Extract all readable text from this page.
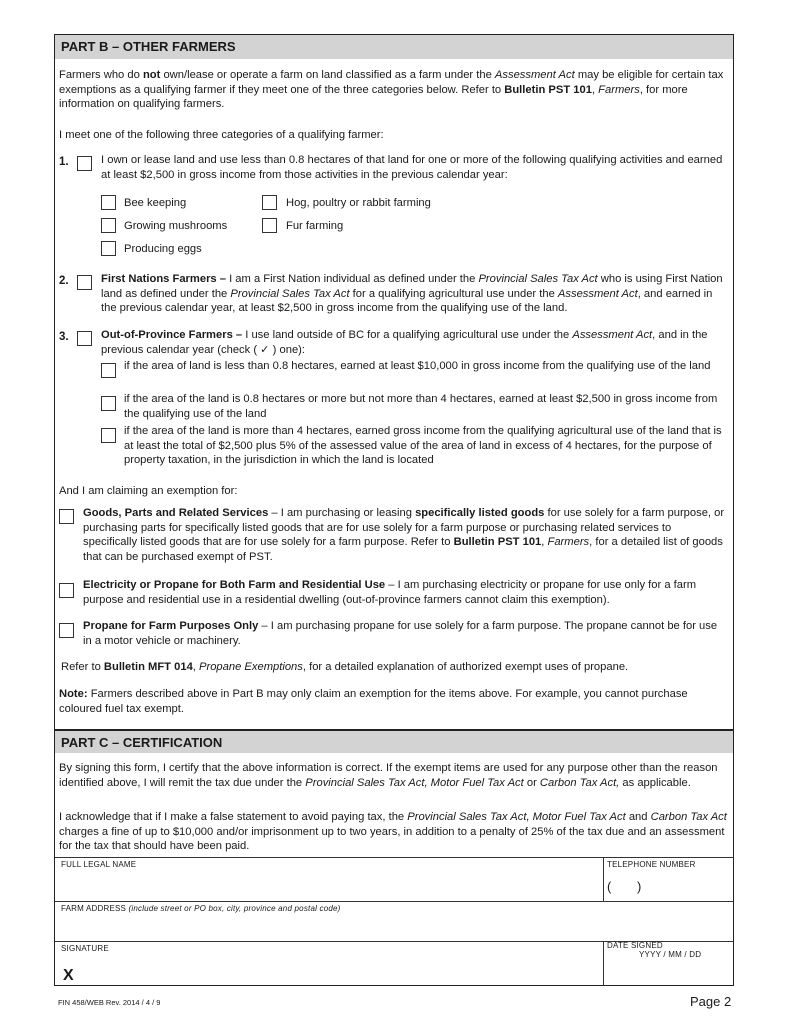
PART B – OTHER FARMERS
Farmers who do not own/lease or operate a farm on land classified as a farm under the Assessment Act may be eligible for certain tax exemptions as a qualifying farmer if they meet one of the three categories below. Refer to Bulletin PST 101, Farmers, for more information on qualifying farmers.
I meet one of the following three categories of a qualifying farmer:
1.	I own or lease land and use less than 0.8 hectares of that land for one or more of the following qualifying activities and earned at least $2,500 in gross income from those activities in the previous calendar year:
Bee keeping	Hog, poultry or rabbit farming
Growing mushrooms	Fur farming
Producing eggs
2.	First Nations Farmers – I am a First Nation individual as defined under the Provincial Sales Tax Act who is using First Nation land as defined under the Provincial Sales Tax Act for a qualifying agricultural use under the Assessment Act, and earned in the previous calendar year, at least $2,500 in gross income from the qualifying use of the land.
3.	Out-of-Province Farmers – I use land outside of BC for a qualifying agricultural use under the Assessment Act, and in the previous calendar year (check ( ✓ ) one):
if the area of land is less than 0.8 hectares, earned at least $10,000 in gross income from the qualifying use of the land
if the area of the land is 0.8 hectares or more but not more than 4 hectares, earned at least $2,500 in gross income from the qualifying use of the land
if the area of the land is more than 4 hectares, earned gross income from the qualifying agricultural use of the land that is at least the total of $2,500 plus 5% of the assessed value of the area of land in excess of 4 hectares, for the purpose of property taxation, in the jurisdiction in which the land is located
And I am claiming an exemption for:
Goods, Parts and Related Services – I am purchasing or leasing specifically listed goods for use solely for a farm purpose, or purchasing parts for specifically listed goods that are for use solely for a farm purpose or purchasing related services to specifically listed goods that are for use solely for a farm purpose. Refer to Bulletin PST 101, Farmers, for a detailed list of goods that can be purchased exempt of PST.
Electricity or Propane for Both Farm and Residential Use – I am purchasing electricity or propane for use only for a farm purpose and residential use in a residential dwelling (out-of-province farmers cannot claim this exemption).
Propane for Farm Purposes Only – I am purchasing propane for use solely for a farm purpose. The propane cannot be for use in a motor vehicle or machinery.
Refer to Bulletin MFT 014, Propane Exemptions, for a detailed explanation of authorized exempt uses of propane.
Note: Farmers described above in Part B may only claim an exemption for the items above. For example, you cannot purchase coloured fuel tax exempt.
PART C – CERTIFICATION
By signing this form, I certify that the above information is correct. If the exempt items are used for any purpose other than the reason identified above, I will remit the tax due under the Provincial Sales Tax Act, Motor Fuel Tax Act or Carbon Tax Act, as applicable.
I acknowledge that if I make a false statement to avoid paying tax, the Provincial Sales Tax Act, Motor Fuel Tax Act and Carbon Tax Act charges a fine of up to $10,000 and/or imprisonment up to two years, in addition to a penalty of 25% of the tax due and an assessment for the tax that should have been paid.
FULL LEGAL NAME	TELEPHONE NUMBER
( )
FARM ADDRESS (include street or PO box, city, province and postal code)
SIGNATURE
X
DATE SIGNED
YYYY / MM / DD
FIN 458/WEB Rev. 2014 / 4 / 9	Page 2
